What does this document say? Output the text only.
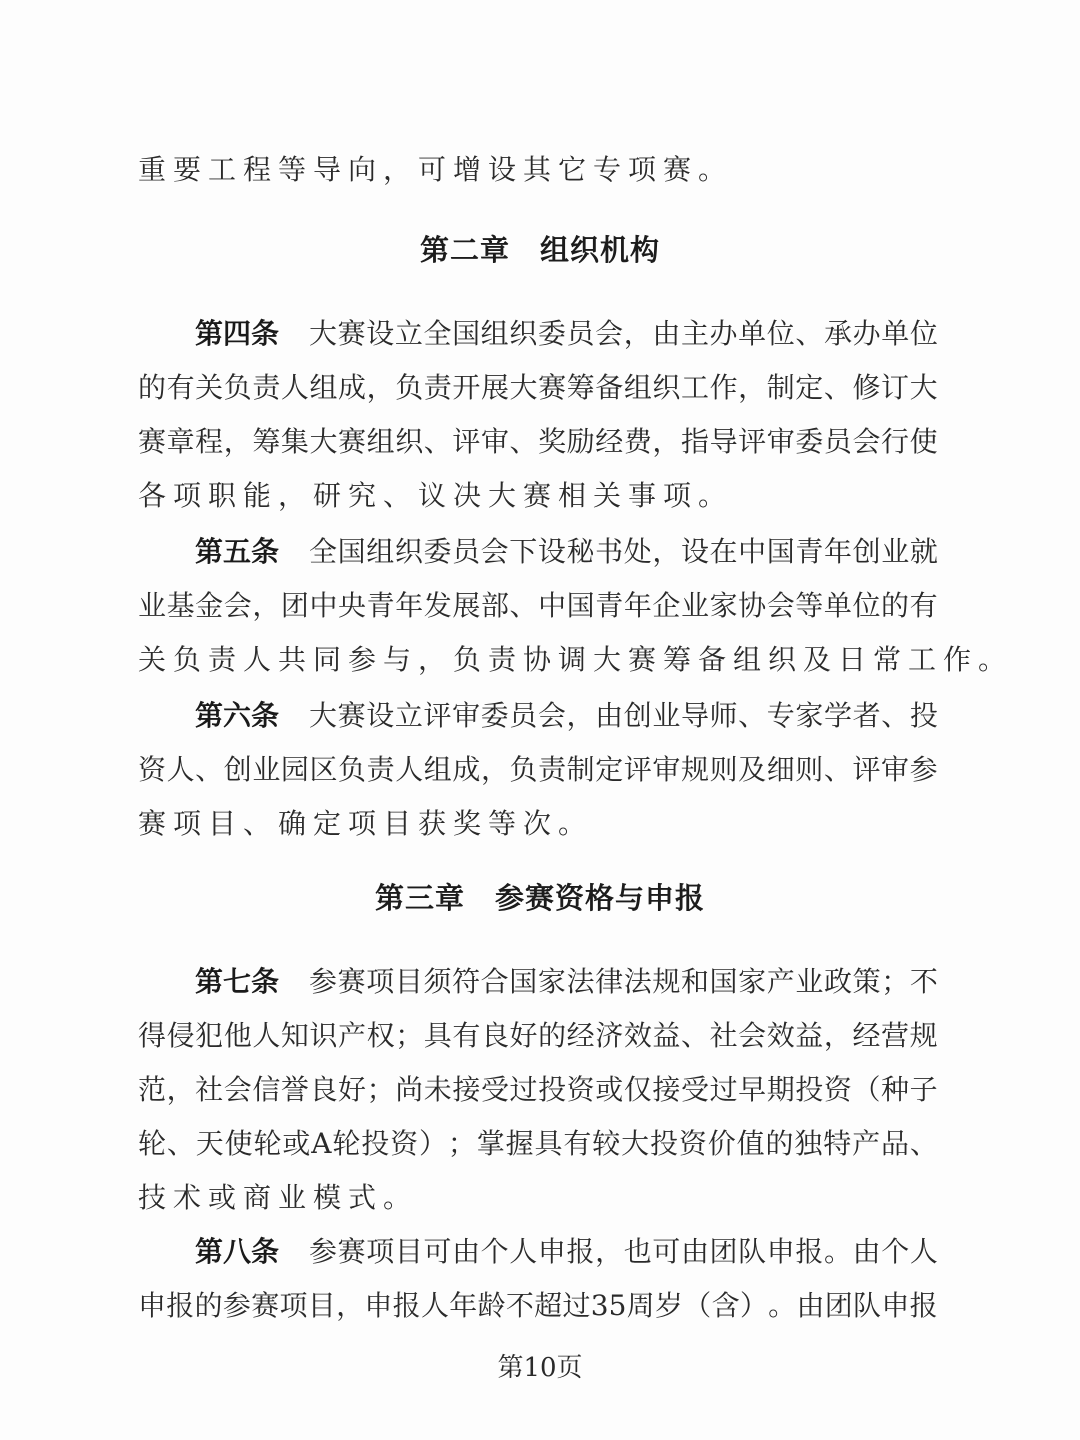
重要工程等导向，可增设其它专项赛。
第二章　组织机构
第四条 大 赛 设 立 全 国 组 织 委 员 会 ， 由 主 办 单 位 、 承 办 单 位
的 有 关 负 责 人 组 成 ， 负 责 开 展 大 赛 筹 备 组 织 工 作 ， 制 定 、 修 订 大
赛 章 程 ， 筹 集 大 赛 组 织 、 评 审 、 奖 励 经 费 ， 指 导 评 审 委 员 会 行 使
各项职能，研究、议决大赛相关事项。
第五条 全 国 组 织 委 员 会 下 设 秘 书 处 ， 设 在 中 国 青 年 创 业 就
业 基 金 会 ， 团 中 央 青 年 发 展 部 、 中 国 青 年 企 业 家 协 会 等 单 位 的 有
关负责人共同参与，负责协调大赛筹备组织及日常工作。
第六条 大 赛 设 立 评 审 委 员 会 ， 由 创 业 导 师 、 专 家 学 者 、 投
资 人 、 创 业 园 区 负 责 人 组 成 ， 负 责 制 定 评 审 规 则 及 细 则 、 评 审 参
赛项目、确定项目获奖等次。
第三章　参赛资格与申报
第七条 参 赛 项 目 须 符 合 国 家 法 律 法 规 和 国 家 产 业 政 策 ； 不
得 侵 犯 他 人 知 识 产 权 ； 具 有 良 好 的 经 济 效 益 、 社 会 效 益 ， 经 营 规
范 ， 社 会 信 誉 良 好 ； 尚 未 接 受 过 投 资 或 仅 接 受 过 早 期 投 资 （ 种 子
轮 、 天 使 轮 或 A 轮 投 资 ） ； 掌 握 具 有 较 大 投 资 价 值 的 独 特 产 品 、
技术或商业模式。
第八条 参 赛 项 目 可 由 个 人 申 报 ， 也 可 由 团 队 申 报 。 由 个 人
申 报 的 参 赛 项 目 ， 申 报 人 年 龄 不 超 过 35 周 岁 （ 含 ） 。 由 团 队 申 报
第10页
